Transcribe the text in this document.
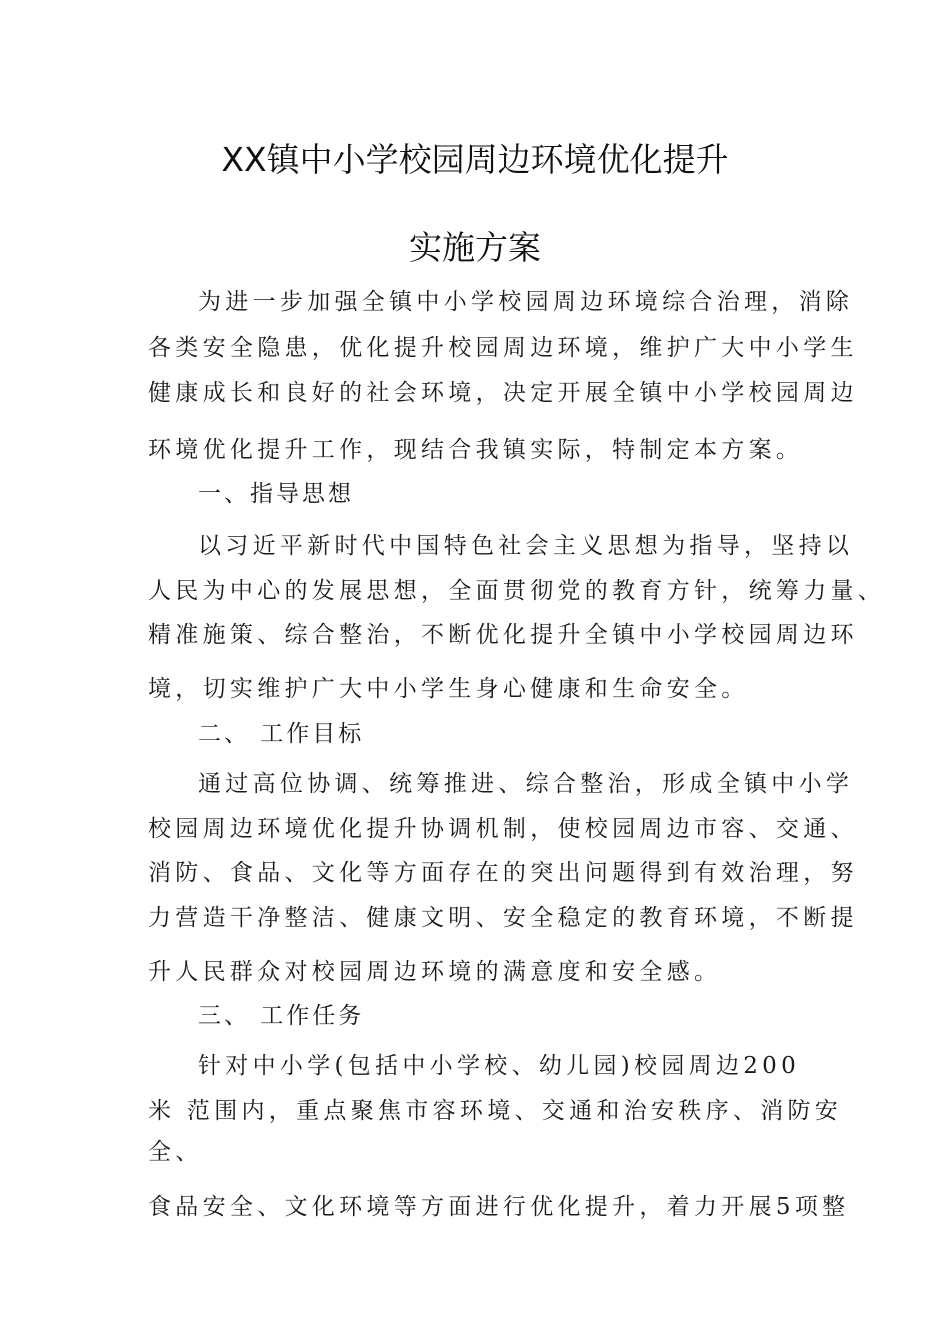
XX镇中小学校园周边环境优化提升
实施方案
为进一步加强全镇中小学校园周边环境综合治理，消除
各类安全隐患，优化提升校园周边环境，维护广大中小学生
健康成长和良好的社会环境，决定开展全镇中小学校园周边
环境优化提升工作，现结合我镇实际，特制定本方案。
一、指导思想
以习近平新时代中国特色社会主义思想为指导，坚持以
人民为中心的发展思想，全面贯彻党的教育方针，统筹力量、
精准施策、综合整治，不断优化提升全镇中小学校园周边环
境，切实维护广大中小学生身心健康和生命安全。
二、 工作目标
通过高位协调、统筹推进、综合整治，形成全镇中小学
校园周边环境优化提升协调机制，使校园周边市容、交通、
消防、食品、文化等方面存在的突出问题得到有效治理，努
力营造干净整洁、健康文明、安全稳定的教育环境，不断提
升人民群众对校园周边环境的满意度和安全感。
三、 工作任务
针对中小学(包括中小学校、幼儿园)校园周边200
米 范围内，重点聚焦市容环境、交通和治安秩序、消防安
全、
食品安全、文化环境等方面进行优化提升，着力开展5项整
